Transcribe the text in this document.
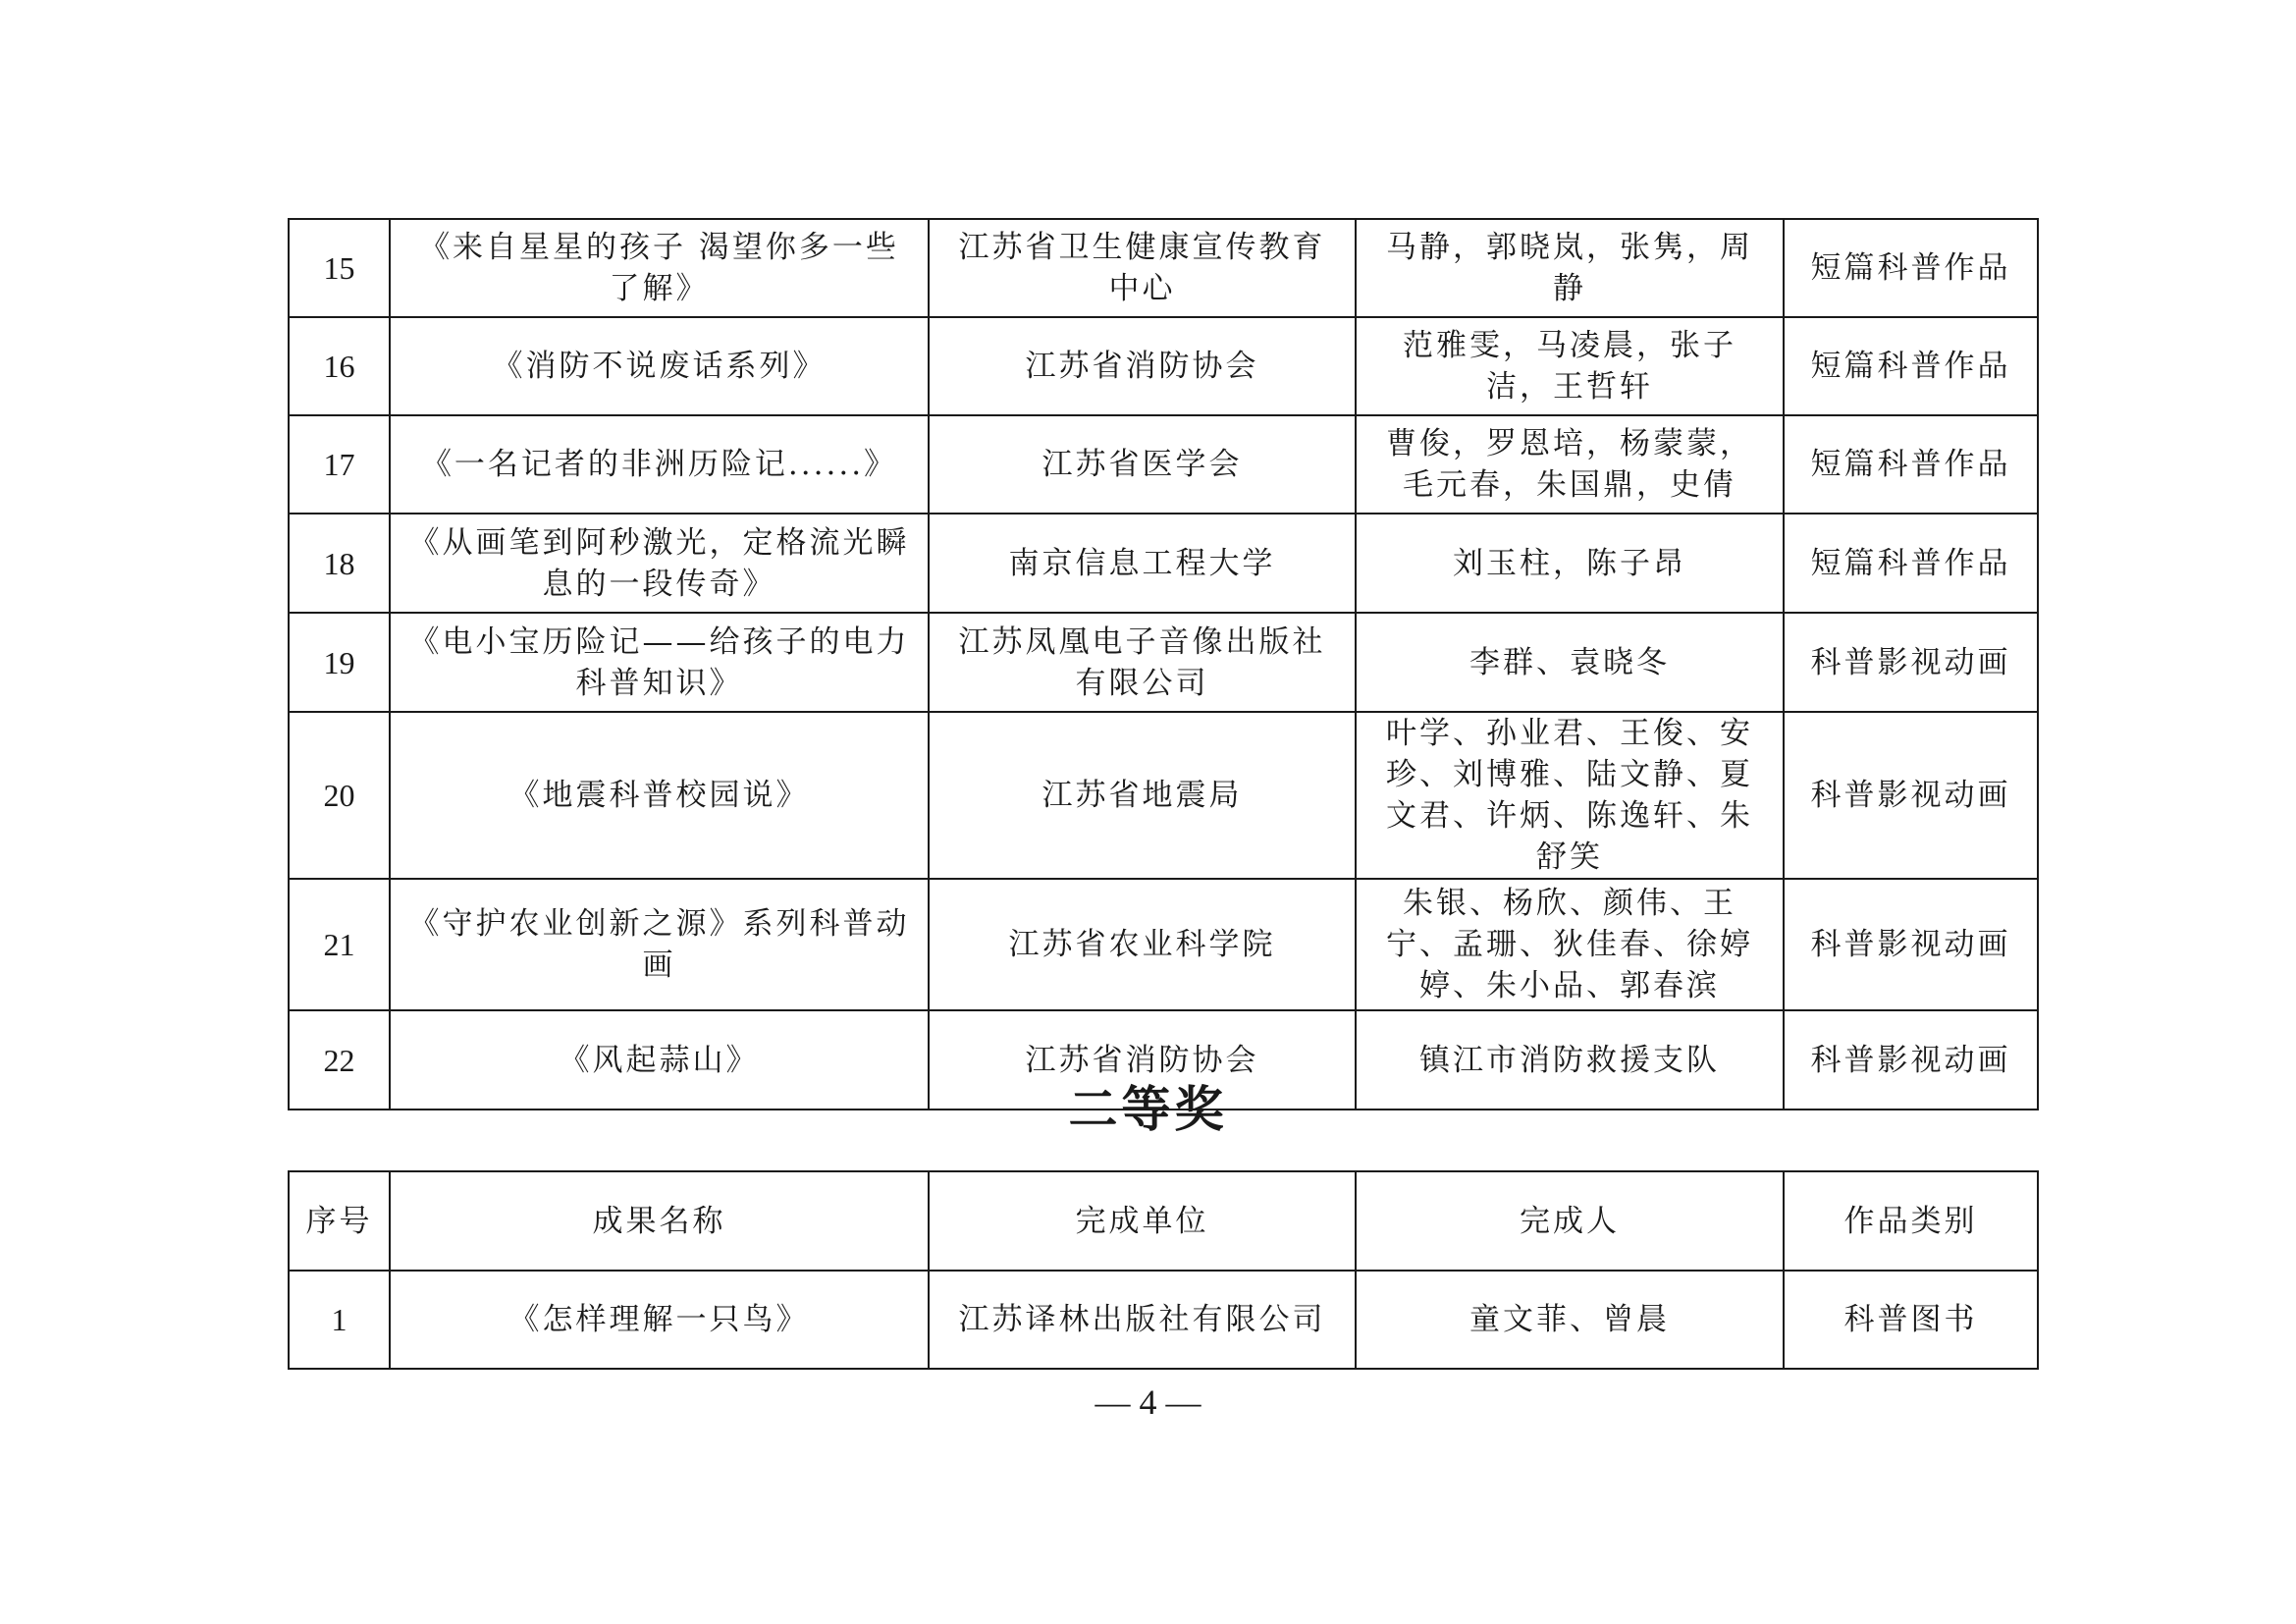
15	《来自星星的孩子 渴望你多一些了解》	江苏省卫生健康宣传教育中心	马静，郭晓岚，张隽，周静	短篇科普作品
16	《消防不说废话系列》	江苏省消防协会	范雅雯，马凌晨，张子洁，王哲轩	短篇科普作品
17	《一名记者的非洲历险记......》	江苏省医学会	曹俊，罗恩培，杨蒙蒙，毛元春，朱国鼎，史倩	短篇科普作品
18	《从画笔到阿秒激光，定格流光瞬息的一段传奇》	南京信息工程大学	刘玉柱，陈子昂	短篇科普作品
19	《电小宝历险记——给孩子的电力科普知识》	江苏凤凰电子音像出版社有限公司	李群、袁晓冬	科普影视动画
20	《地震科普校园说》	江苏省地震局	叶学、孙业君、王俊、安珍、刘博雅、陆文静、夏文君、许炳、陈逸轩、朱舒笑	科普影视动画
21	《守护农业创新之源》系列科普动画	江苏省农业科学院	朱银、杨欣、颜伟、王宁、孟珊、狄佳春、徐婷婷、朱小品、郭春滨	科普影视动画
22	《风起蒜山》	江苏省消防协会	镇江市消防救援支队	科普影视动画
二等奖
序号	成果名称	完成单位	完成人	作品类别
1	《怎样理解一只鸟》	江苏译林出版社有限公司	童文菲、曾晨	科普图书
— 4 —
